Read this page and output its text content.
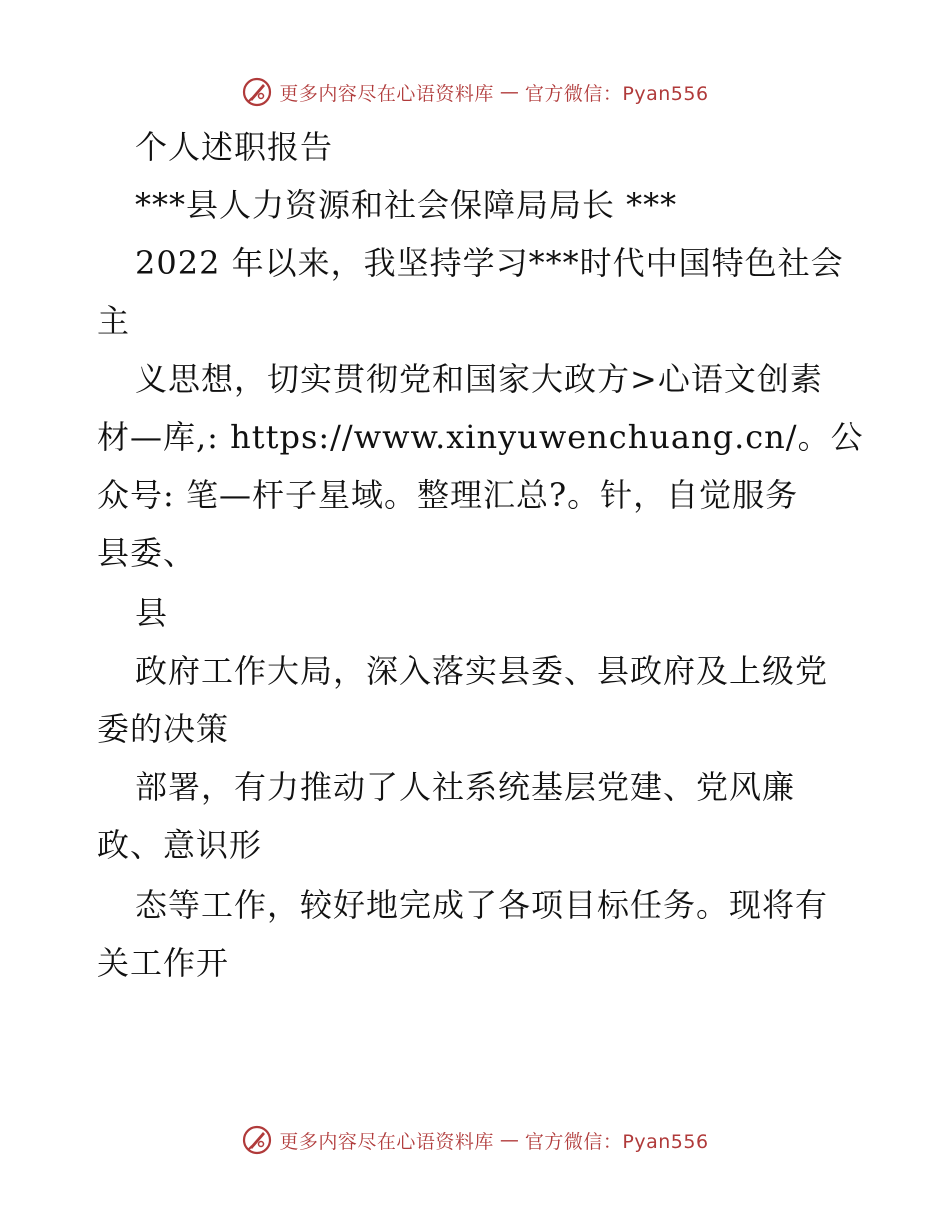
更多内容尽在心语资料库 — 官方微信：Pyan556
个人述职报告
***县人力资源和社会保障局局长 ***
2022 年以来，我坚持学习***时代中国特色社会
主
义思想，切实贯彻党和国家大政方>心语文创素
材—库,: https://www.xinyuwenchuang.cn/。公
众号: 笔—杆子星域。整理汇总?。针，自觉服务
县委、
县
政府工作大局，深入落实县委、县政府及上级党
委的决策
部署，有力推动了人社系统基层党建、党风廉
政、意识形
态等工作，较好地完成了各项目标任务。现将有
关工作开
更多内容尽在心语资料库 — 官方微信：Pyan556
